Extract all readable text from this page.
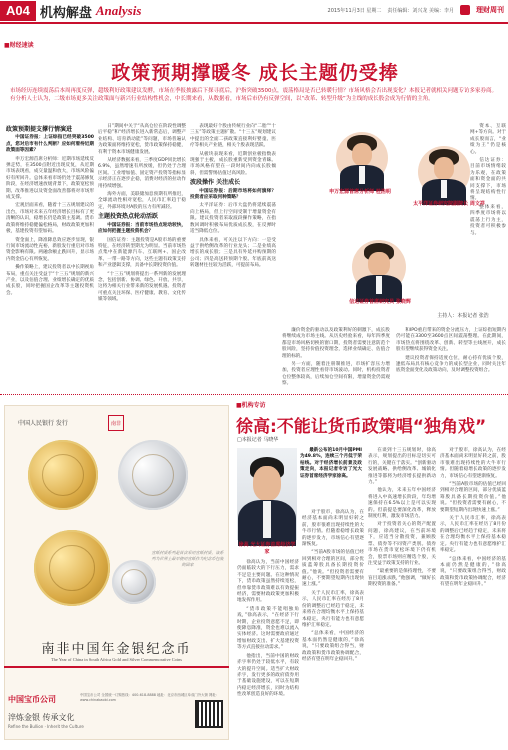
A04 机构解盘 Analysis	2015年11月3日 星期二 责任编辑：刘兴龙 美编：李月	理财周刊
■财经速读
政策预期撑暖冬 成长主题仍受捧
市场经历连续震荡后本周再度反弹，超级利好政策建议发酵，市场在季报披露后下探寻底后，沪指突破3500点，震荡格局是否已转暖行情？市场风格会否出现变化？本报记者就相关问题专访多家券商。有分析人士认为，二级市场更多关注政策面与新兴行业结构性机会，中长期来看，从数据看，市场后市仍有反弹空间，以“改革、转型升级”为主线的成长股会成为行情的主角。

政策预期提支撑行情演进

中国证券报：上证综指已经突破3500点，您对后市有什么判断？应如何看待近期政策面等因素？

申万宏源首席分析师：近期市场延续反弹走势，在3500点附近出现反复，从近期市场表现看，成交量温和放大，市场风险偏好有所回升。总体来看市场仍处于震荡修复阶段，在经济增速放缓背景下，政策宽松预期、改革推进以及资金面改善都将对市场形成支撑。

宏观层面来看，随着十三五规划建议的出台，市场对未来五年经济增长目标有了更清晰的认识，稳增长仍是政策主基调。货币政策将维持稳健偏松格局，财政政策更加积极，基建投资有望加码。

资金面上，降准降息效应逐步显现，银行间市场流动性充裕，新股发行重启对市场资金影响有限。两融余额止跌回升，显示场内资金信心有所恢复。

操作策略上，建议投资者以中长期视角布局，重点关注受益于“十三五”规划的新兴产业，以及估值合理、业绩增长确定的优质成长股，同时把握国企改革等主题投资机会。

日”期间中关于“从高仓位在阶段性调整后平稳”和“经济增长进入新常态后，调整产业结构、培育新动能”等问题，市场普遍认为政策面将维持宽松，货币政策保持稳健，有利于资本市场健康发展。

从经济数据来看，三季度GDP同比增长6.9%，虽然增速有所放缓，但仍处于合理区间。工业增加值、固定资产投资等指标显示经济正在逐步企稳，消费对经济的拉动作用持续增强。

海外方面，美联储加息预期有所推迟，全球流动性相对宽松，人民币汇率趋于稳定，外部环境对A股的压力有所减轻。

主题投资热点轮动活跃

中国证券报：当前市场热点轮动较快，应如何把握主题投资机会？

国信证券：主题投资是A股市场的重要特征，在经济转型期尤为明显。当前市场热点集中在新能源汽车、互联网+、国企改革、一带一路等方向，这些主题有政策支持和产业逻辑支撑，具备中长期投资价值。

“十三五”规划将提出一系列新的发展理念，包括创新、协调、绿色、开放、共享，这将为相关行业带来新的发展机遇。投资者可重点关注环保、医疗健康、教育、文化传媒等领域。

表现最好个股由传统行业向“二胎”“十三五”等政策主题扩散。“十三五”规划建议中提出的全面二孩政策直接利好婴童、医疗等相关产业链，相关个股表现活跃。

从板块表现来看，近期创业板指数表现强于主板，成长股重新受到资金青睐。市场风格有望在一段时间内向成长股倾斜，但需警惕估值过高风险。

波段操作 关注成长

中国证券报：后期市场将如何演绎？投资者应采取何种策略？

太平洋证券：后市大盘仍将延续震荡向上格局，但上行空间受制于增量资金有限。建议投资者采取波段操作策略，在指数回调时积极布局优质成长股，在反弹时适当降低仓位。

具体来看，可关注以下方向：一是受益于供给侧改革的行业龙头；二是业绩高增长的成长股；三是具有外延并购预期的公司；四是高送转预期个股。年底前高送转题材往往较为活跃，可提前布局。

资本、互联网+等方向。对于成长股而言，“业绩为王”仍是核心。

信达证券：目前市场情绪较为乐观，在政策面和资金面的共同支撑下，市场将呈现结构性行情。

整体来看，四季度市场将以震荡上行为主，投资者可积极参与。

廉价资金的驱动以及政策利好的刺激下，成长股将继续成为市场主线。从历史经验来看，每年四季度都是市场风格切换的窗口期，投资者需要注意防范个股风险，坚持价值投资理念，选择业绩确定、估值合理的标的。

另一方面，随着注册制推进，市场扩容压力增加，投资者应理性看待市场波动。同时，机构投资者仓位整体较高，后续加仓空间有限，增量资金仍需观察。

和IPO重启带来的资金分流压力，上证综指短期内仍可能在3300至3600点区间震荡整理。在此期间，市场热点将围绕改革、创新、转型等主线展开，成长股有望继续获得资金关注。

建议投资者保持适度仓位，耐心持有优质个股，逢低布局具有核心竞争力的成长型企业，同时关注年底资金面变化及政策动向，及时调整投资组合。

申万宏源首席分析师 桂浩明
太平洋证券研究院副院长 周文祥
信达证券首席研究员 张晓辉
主持人：本报记者 张浩
中国人民银行 发行	南非
宣纸材质系列是首次采用宣纸材质，该系列为世界上最早使用宣纸作为纪念币包装的国家
南非中国年金银纪念币
The Year of China in South Africa Gold and Silver Commemorative Coins
中国宝币公司
淬炼金银 传承文化
Refine the Bullion · Inherit the Culture
中国宝币公司 全国统一订购热线：400-618-8888 地址：北京市西城区阜成门外大街 网址：www.chinabaobi.com
■机构专访
徐高:不能让货币政策唱“独角戏”
□本报记者 马晓华
徐高 光大证券首席经济学家

最新公布的10月中国PMI为49.8%，连续三个月低于荣枯线。对于经济增长前景及政策走向，本报记者专访了光大证券首席经济学家徐高。

徐高认为，当前中国经济仍面临较大的下行压力，需求不足是主要问题。在这种情况下，货币政策虽然持续宽松，但单靠货币政策难以有效提振经济，需要财政政策更加积极地发挥作用。

“货币政策不能唱独角戏，”徐高表示，“在经济下行时期，企业投资意愿不足，即使降息降准，资金也难以流入实体经济。这时需要政府通过增加财政支出、扩大基建投资等方式直接拉动需求。”

他指出，当前中国的财政赤字率仍处于较低水平，有较大的提升空间。适当扩大财政赤字，发行更多的政府债券用于基础设施建设，可以在短期内稳定经济增长，同时为结构性改革创造良好的环境。

对于股市，徐高认为，在经济基本面尚未明显好转之前，股市很难出现持续性的大牛市行情。但随着稳增长政策的逐步发力，市场信心有望逐渐恢复。

“当前A股市场的估值已经回到相对合理的区间，部分优质蓝筹股具备长期投资价值。”他说。“但投资者需要有耐心，不要期望短期内出现快速上涨。”

关于人民币汇率，徐高表示，人民币汇率在经历了8月份的调整后已经趋于稳定，未来将在合理均衡水平上保持基本稳定。央行有能力也有意愿维护汇率稳定。

“总体来看，中国经济的基本面仍然是健康的，”徐高说，“只要政策组合得当，财政政策和货币政策协调配合，经济有望在明年企稳回升。”

在谈到十三五规划时，徐高表示，规划提出的目标是切实可行的，关键在于落实。“创新驱动发展战略、供给侧改革、城镇化推进等都将为经济增长提供新动力。”

他认为，未来五年中国经济将进入中高速增长阶段，年均增速保持在6.5%以上是可以实现的。但前提是要深化改革，释放制度红利，激发市场活力。

对于投资者关心的资产配置问题，徐高建议，在当前环境下，应适当分散投资，兼顾股票、债券等不同资产类别。债券市场在货币宽松环境下仍有机会，股票市场则应精选个股，关注受益于政策支持的行业。

“最重要的是保持理性，不要盲目追涨杀跌，”他强调，“做好长期投资的准备。”

对于股市，徐高认为，在经济基本面尚未明显好转之前，股市很难出现持续性的大牛市行情。但随着稳增长政策的逐步发力，市场信心有望逐渐恢复。

“当前A股市场的估值已经回到相对合理的区间，部分优质蓝筹股具备长期投资价值。”他说。“但投资者需要有耐心，不要期望短期内出现快速上涨。”

关于人民币汇率，徐高表示，人民币汇率在经历了8月份的调整后已经趋于稳定，未来将在合理均衡水平上保持基本稳定。央行有能力也有意愿维护汇率稳定。

“总体来看，中国经济的基本面仍然是健康的，”徐高说，“只要政策组合得当，财政政策和货币政策协调配合，经济有望在明年企稳回升。”
